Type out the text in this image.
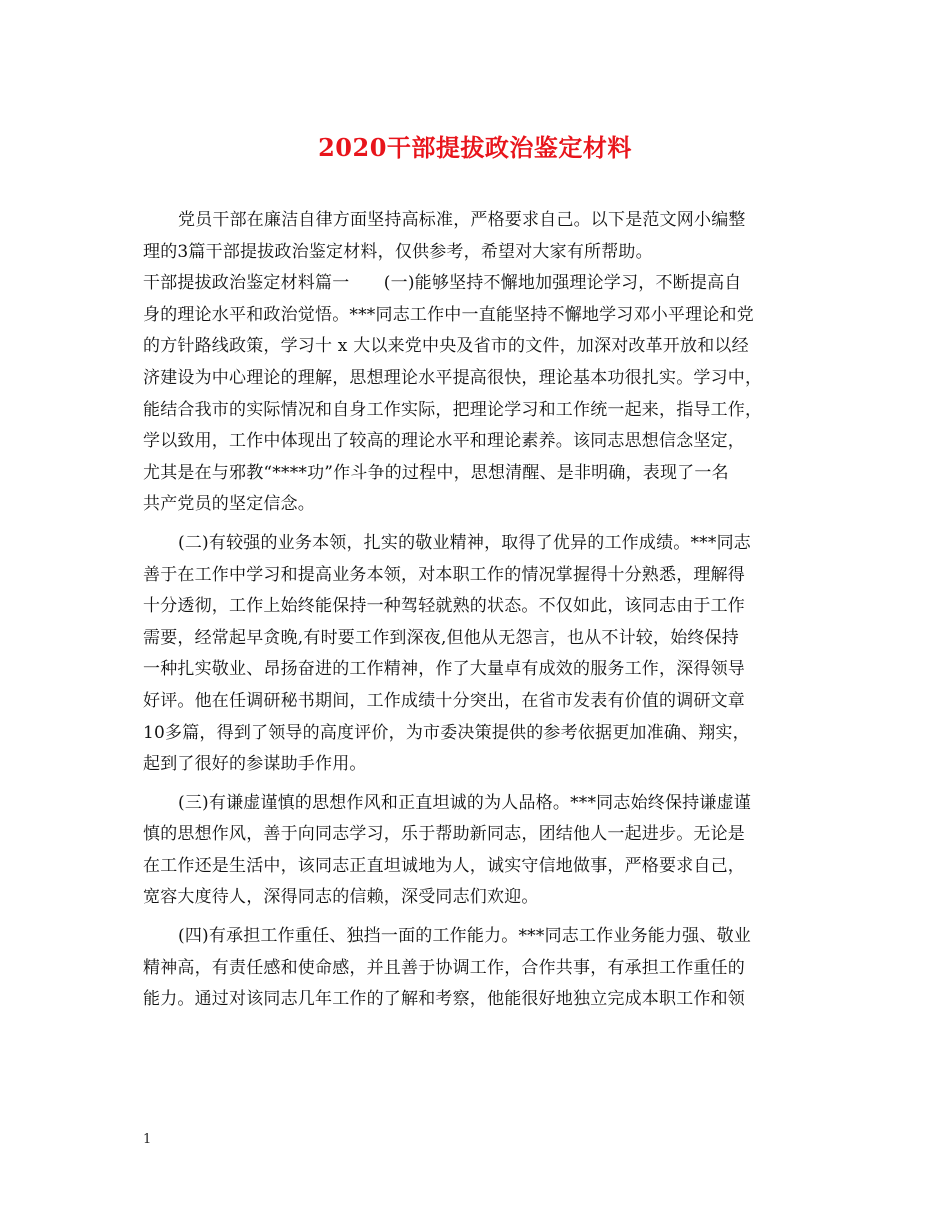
2020干部提拔政治鉴定材料
党员干部在廉洁自律方面坚持高标准，严格要求自己。以下是范文网小编整
理的3篇干部提拔政治鉴定材料，仅供参考，希望对大家有所帮助。
干部提拔政治鉴定材料篇一　　(一)能够坚持不懈地加强理论学习，不断提高自
身的理论水平和政治觉悟。***同志工作中一直能坚持不懈地学习邓小平理论和党
的方针路线政策，学习十 x 大以来党中央及省市的文件，加深对改革开放和以经
济建设为中心理论的理解，思想理论水平提高很快，理论基本功很扎实。学习中，
能结合我市的实际情况和自身工作实际，把理论学习和工作统一起来，指导工作，
学以致用，工作中体现出了较高的理论水平和理论素养。该同志思想信念坚定，
尤其是在与邪教“****功”作斗争的过程中，思想清醒、是非明确，表现了一名
共产党员的坚定信念。
(二)有较强的业务本领，扎实的敬业精神，取得了优异的工作成绩。***同志
善于在工作中学习和提高业务本领，对本职工作的情况掌握得十分熟悉，理解得
十分透彻，工作上始终能保持一种驾轻就熟的状态。不仅如此，该同志由于工作
需要，经常起早贪晚,有时要工作到深夜,但他从无怨言，也从不计较，始终保持
一种扎实敬业、昂扬奋进的工作精神，作了大量卓有成效的服务工作，深得领导
好评。他在任调研秘书期间，工作成绩十分突出，在省市发表有价值的调研文章
10多篇，得到了领导的高度评价，为市委决策提供的参考依据更加准确、翔实，
起到了很好的参谋助手作用。
(三)有谦虚谨慎的思想作风和正直坦诚的为人品格。***同志始终保持谦虚谨
慎的思想作风，善于向同志学习，乐于帮助新同志，团结他人一起进步。无论是
在工作还是生活中，该同志正直坦诚地为人，诚实守信地做事，严格要求自己，
宽容大度待人，深得同志的信赖，深受同志们欢迎。
(四)有承担工作重任、独挡一面的工作能力。***同志工作业务能力强、敬业
精神高，有责任感和使命感，并且善于协调工作，合作共事，有承担工作重任的
能力。通过对该同志几年工作的了解和考察，他能很好地独立完成本职工作和领
1
